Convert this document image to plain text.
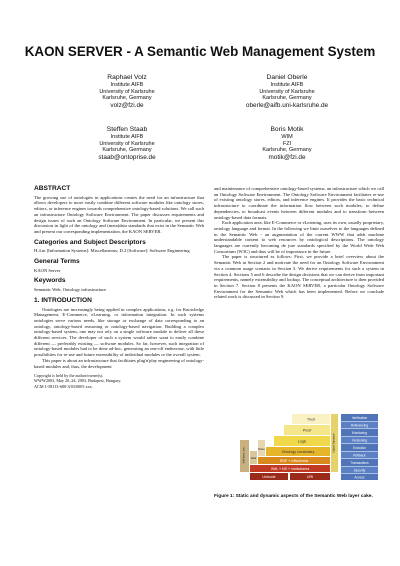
KAON SERVER - A Semantic Web Management System
Raphael Volz
Institute AIFB
University of Karlsruhe
Karlsruhe, Germany
volz@fzi.de
Daniel Oberle
Institute AIFB
University of Karlsruhe
Karlsruhe, Germany
oberle@aifb.uni-karlsruhe.de
Steffen Staab
Institute AIFB
University of Karlsruhe
Karlsruhe, Germany
staab@ontoprise.de
Boris Motik
WIM
FZI
Karlsruhe, Germany
motik@fzi.de
ABSTRACT

The growing use of ontologies in applications creates the need for an infrastructure that allows developers to more easily combine different software modules like ontology stores, editors, or inference engines towards comprehensive ontology-based solutions. We call such an infrastructure Ontology Software Environment. The paper discusses requirements and design issues of such an Ontology Software Environment. In particular, we present this discussion in light of the ontology and (meta)data standards that exist in the Semantic Web and present our corresponding implementation, the KAON SERVER.

Categories and Subject Descriptors

H.4.m [Information Systems]: Miscellaneous; D.2 [Software]: Software Engineering

General Terms

KAON Server

Keywords

Semantic Web, Ontology infrastructure

1. INTRODUCTION

Ontologies are increasingly being applied in complex applications, e.g. for Knowledge Management, E-Commerce, eLearning, or information integration. In such systems ontologies serve various needs, like storage or exchange of data corresponding to an ontology, ontology-based reasoning or ontology-based navigation. Building a complex ontology-based system, one may not rely on a single software module to deliver all these different services. The developer of such a system would rather want to easily combine different — preferably existing — software modules. So far, however, such integration of ontology-based modules had to be done ad-hoc, generating an one-off endeavour, with little possibilities for re-use and future extensibility of individual modules or the overall system.

This paper is about an infrastructure that facilitates plug'n'play engineering of ontology-based modules and, thus, the development

Copyright is held by the author/owner(s).
WWW2003, May 20–24, 2003, Budapest, Hungary.
ACM 1-58113-680-3/03/0005 xxx.

and maintenance of comprehensive ontology-based systems, an infrastructure which we call an Ontology Software Environment. The Ontology Software Environment facilitates re-use of existing ontology stores, editors, and inference engines. It provides the basic technical infrastructure to coordinate the information flow between such modules, to define dependencies, to broadcast events between different modules and to transform between ontology-based data formats.

Each application area, like E-Commerce or eLearning, uses its own, usually proprietary, ontology language and format. In the following we limit ourselves to the languages defined in the Semantic Web - an augmentation of the current WWW that adds machine understandable content to web resources by ontological descriptions. The ontology languages are currently becoming de jure standards specified by the World Wide Web Consortium (W3C) and thus will be of importance in the future.

The paper is structured as follows: First, we provide a brief overview about the Semantic Web in Section 2 and motivate the need for an Ontology Software Environment via a common usage scenario in Section 3. We derive requirements for such a system in Section 4. Sections 5 and 6 describe the design decisions that we can derive from important requirements, namely extensibility and lookup. The conceptual architecture is then provided in Section 7. Section 8 presents the KAON SERVER, a particular Ontology Software Environment for the Semantic Web which has been implemented. Before we conclude related work is discussed in Section 9.

Unicode	URI
XML + NS + xmlschema
RDF + rdfschema
Ontology vocabulary
Logic
Proof
Trust
Self-desc. doc. Data
Rules	Digital Signature
Verification
Referencing
Monitoring
Versioning
Evolution
Rollback
Transactions
Security
Access
Figure 1: Static and dynamic aspects of the Semantic Web layer cake.
